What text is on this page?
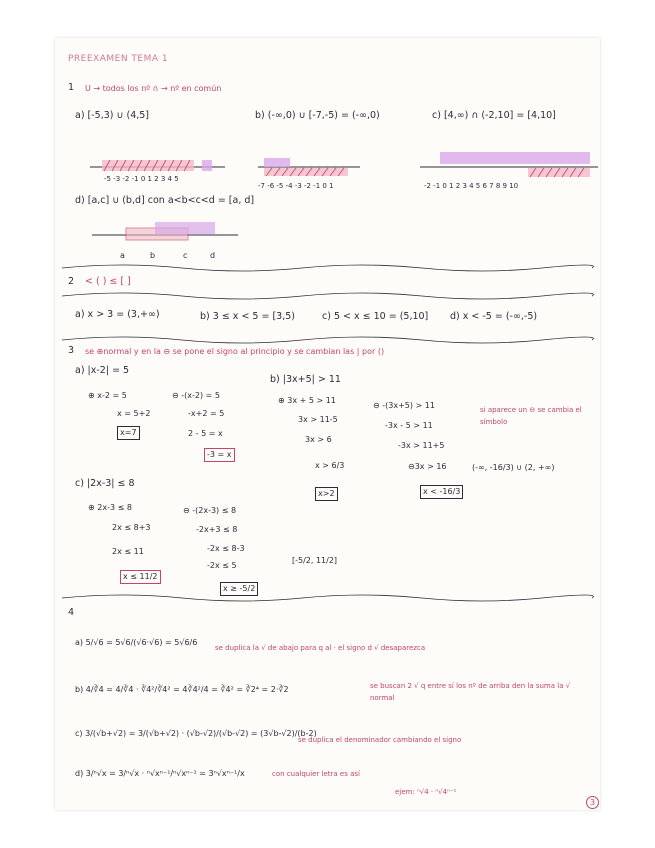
PREEXAMEN TEMA 1
1 U → todos los nº ∩ → nº en común
a) [-5,3) ∪ (4,5]	b) (-∞,0) ∪ [-7,-5) = (-∞,0)	c) [4,∞) ∩ (-2,10] = [4,10]
-5 -3 -2 -1 0 1 2 3 4 5
-7 -6 -5 -4 -3 -2 -1 0 1	-2 -1 0 1 2 3 4 5 6 7 8 9 10
d) [a,c] ∪ (b,d] con a<b<c<d = [a, d]
a	b	c	d
2 < ( ) ≤ [ ]
a) x > 3 = (3,+∞)	b) 3 ≤ x < 5 = [3,5)	c) 5 < x ≤ 10 = (5,10] d) x < -5 = (-∞,-5)
3 se ⊕normal y en la ⊖ se pone el signo al principio y se cambian las | por ()
a) |x-2| = 5
⊕ x-2 = 5
x = 5+2
x=7
⊖ -(x-2) = 5
-x+2 = 5
2 - 5 = x
-3 = x
b) |3x+5| > 11
⊕ 3x + 5 > 11
3x > 11-5
3x > 6
x > 6/3
x>2
⊖ -(3x+5) > 11
-3x - 5 > 11
-3x > 11+5
⊖3x > 16
x < -16/3
si aparece un ⊖ se cambia el símbolo
(-∞, -16/3) ∪ (2, +∞)
c) |2x-3| ≤ 8
⊕ 2x-3 ≤ 8
2x ≤ 8+3
2x ≤ 11
x ≤ 11/2
⊖ -(2x-3) ≤ 8
-2x+3 ≤ 8
-2x ≤ 8-3
-2x ≤ 5
x ≥ -5/2
[-5/2, 11/2]
4
a) 5/√6 = 5√6/(√6·√6) = 5√6/6
se duplica la √ de abajo para q al · el signo d √ desaparezca
b) 4/∛4 = 4/∛4 · ∛4²/∛4² = 4∛4²/4 = ∛4² = ∛2⁴ = 2·∛2	se buscan 2 √ q entre sí los nº de arriba den la suma la √ normal
c) 3/(√b+√2) = 3/(√b+√2) · (√b-√2)/(√b-√2) = (3√b-√2)/(b-2)
se duplica el denominador cambiando el signo
d) 3/ⁿ√x = 3/ⁿ√x · ⁿ√xⁿ⁻¹/ⁿ√xⁿ⁻¹ = 3ⁿ√xⁿ⁻¹/x	con cualquier letra es así
ejem: ⁿ√4 · ⁿ√4ⁿ⁻¹
3
